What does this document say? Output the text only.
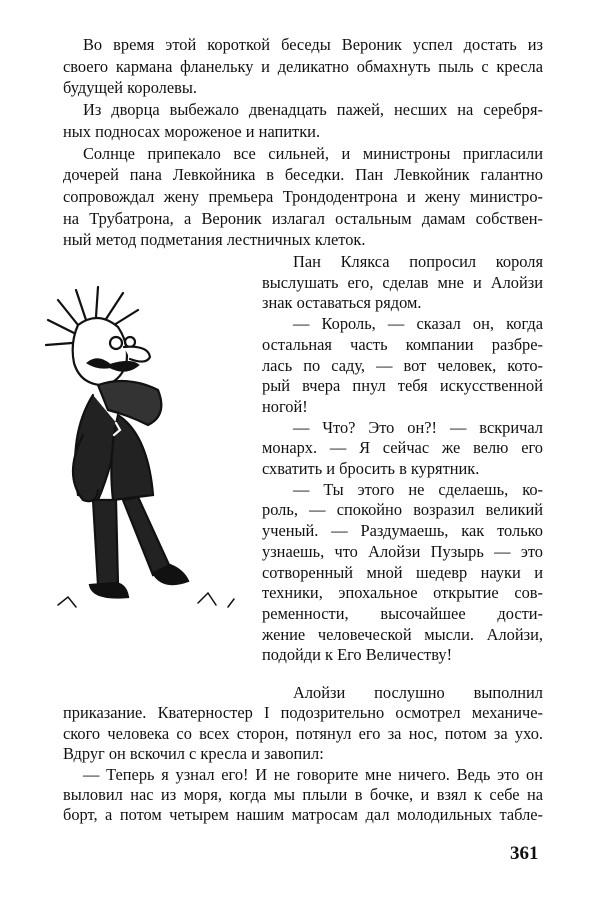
Во время этой короткой беседы Вероник успел достать из
своего кармана фланельку и деликатно обмахнуть пыль с кресла
будущей королевы.
Из дворца выбежало двенадцать пажей, несших на серебря-
ных подносах мороженое и напитки.
Солнце припекало все сильней, и министроны пригласили
дочерей пана Левкойника в беседки. Пан Левкойник галантно
сопровождал жену премьера Трондодентрона и жену министро-
на Трубатрона, а Вероник излагал остальным дамам собствен-
ный метод подметания лестничных клеток.
Пан Клякса попросил короля
выслушать его, сделав мне и Алойзи
знак оставаться рядом.
— Король, — сказал он, когда
остальная часть компании разбре-
лась по саду, — вот человек, кото-
рый вчера пнул тебя искусственной
ногой!
— Что? Это он?! — вскричал
монарх. — Я сейчас же велю его
схватить и бросить в курятник.
— Ты этого не сделаешь, ко-
роль, — спокойно возразил великий
ученый. — Раздумаешь, как только
узнаешь, что Алойзи Пузырь — это
сотворенный мной шедевр науки и
техники, эпохальное открытие сов-
ременности, высочайшее дости-
жение человеческой мысли. Алойзи,
подойди к Его Величеству!
Алойзи послушно выполнил
приказание. Кватерностер I подозрительно осмотрел механиче-
ского человека со всех сторон, потянул его за нос, потом за ухо.
Вдруг он вскочил с кресла и завопил:
— Теперь я узнал его! И не говорите мне ничего. Ведь это он
выловил нас из моря, когда мы плыли в бочке, и взял к себе на
борт, а потом четырем нашим матросам дал молодильных табле-
361
